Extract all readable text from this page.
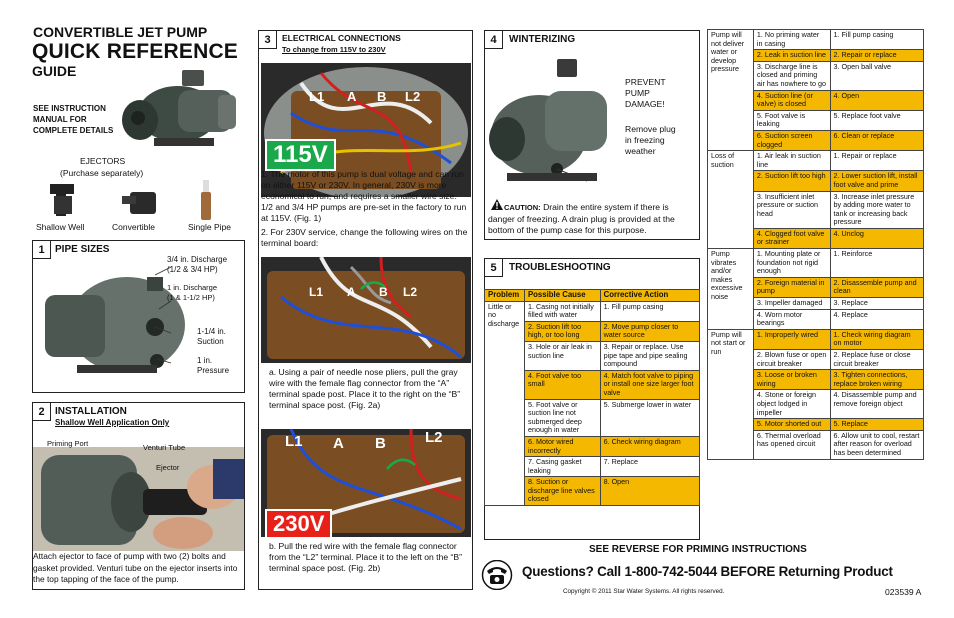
CONVERTIBLE JET PUMP
QUICK REFERENCE
GUIDE
SEE INSTRUCTION
MANUAL FOR
COMPLETE DETAILS
EJECTORS
(Purchase separately)
Shallow Well	Convertible	Single Pipe
1	PIPE SIZES
3/4 in. Discharge
(1/2 & 3/4 HP)
1 in. Discharge
(1 & 1-1/2 HP)
1-1/4 in.
Suction
1 in.
Pressure
2	INSTALLATION
Shallow Well Application Only
Priming Port	Venturi Tube
Ejector
Attach ejector to face of pump with two (2) bolts and gasket provided. Venturi tube on the ejector inserts into the top tapping of the face of the pump.
3	ELECTRICAL CONNECTIONS
To change from 115V to 230V
L1 A B L2
115V
1. The motor of this pump is dual voltage and can run on either 115V or 230V. In general, 230V is more economical to run, and requires a smaller wire size. 1/2 and 3/4 HP pumps are pre-set in the factory to run at 115V. (Fig. 1)
2. For 230V service, change the following wires on the terminal board:
L1 A B L2
a. Using a pair of needle nose pliers, pull the gray wire with the female flag connector from the “A” terminal spade post. Place it to the right on the “B” terminal space post. (Fig. 2a)
L1 A B	L2
230V
b. Pull the red wire with the female flag connector from the “L2” terminal. Place it to the left on the “B” terminal space post. (Fig. 2b)
4	WINTERIZING
PREVENT
PUMP
DAMAGE!
Remove plug
in freezing
weather
CAUTION: Drain the entire system if there is danger of freezing. A drain plug is provided at the bottom of the pump case for this purpose.
5	TROUBLESHOOTING
Problem	Possible Cause	Corrective Action
Little or no discharge	1. Casing not initially filled with water	1. Fill pump casing
	2. Suction lift too high, or too long	2. Move pump closer to water source
	3. Hole or air leak in suction line	3. Repair or replace. Use pipe tape and pipe sealing compound
	4. Foot valve too small	4. Match foot valve to piping or install one size larger foot valve
	5. Foot valve or suction line not submerged deep enough in water	5. Submerge lower in water
	6. Motor wired incorrectly	6. Check wiring diagram
	7. Casing gasket leaking	7. Replace
	8. Suction or discharge line valves closed	8. Open
Pump will not deliver water or develop pressure	1. No priming water in casing	1. Fill pump casing
	2. Leak in suction line	2. Repair or replace
	3. Discharge line is closed and priming air has nowhere to go	3. Open ball valve
	4. Suction line (or valve) is closed	4. Open
	5. Foot valve is leaking	5. Replace foot valve
	6. Suction screen clogged	6. Clean or replace
Loss of suction	1. Air leak in suction line	1. Repair or replace
	2. Suction lift too high	2. Lower suction lift, install foot valve and prime
	3. Insufficient inlet pressure or suction head	3. Increase inlet pressure by adding more water to tank or increasing back pressure
	4. Clogged foot valve or strainer	4. Unclog
Pump vibrates and/or makes excessive noise	1. Mounting plate or foundation not rigid enough	1. Reinforce
	2. Foreign material in pump	2. Disassemble pump and clean
	3. Impeller damaged	3. Replace
	4. Worn motor bearings	4. Replace
Pump will not start or run	1. Improperly wired	1. Check wiring diagram on motor
	2. Blown fuse or open circuit breaker	2. Replace fuse or close circuit breaker
	3. Loose or broken wiring	3. Tighten connections, replace broken wiring
	4. Stone or foreign object lodged in impeller	4. Disassemble pump and remove foreign object
	5. Motor shorted out	5. Replace
	6. Thermal overload has opened circuit	6. Allow unit to cool, restart after reason for overload has been determined
SEE REVERSE FOR PRIMING INSTRUCTIONS
Questions? Call 1-800-742-5044 BEFORE Returning Product
Copyright © 2011 Star Water Systems. All rights reserved.	023539 A
